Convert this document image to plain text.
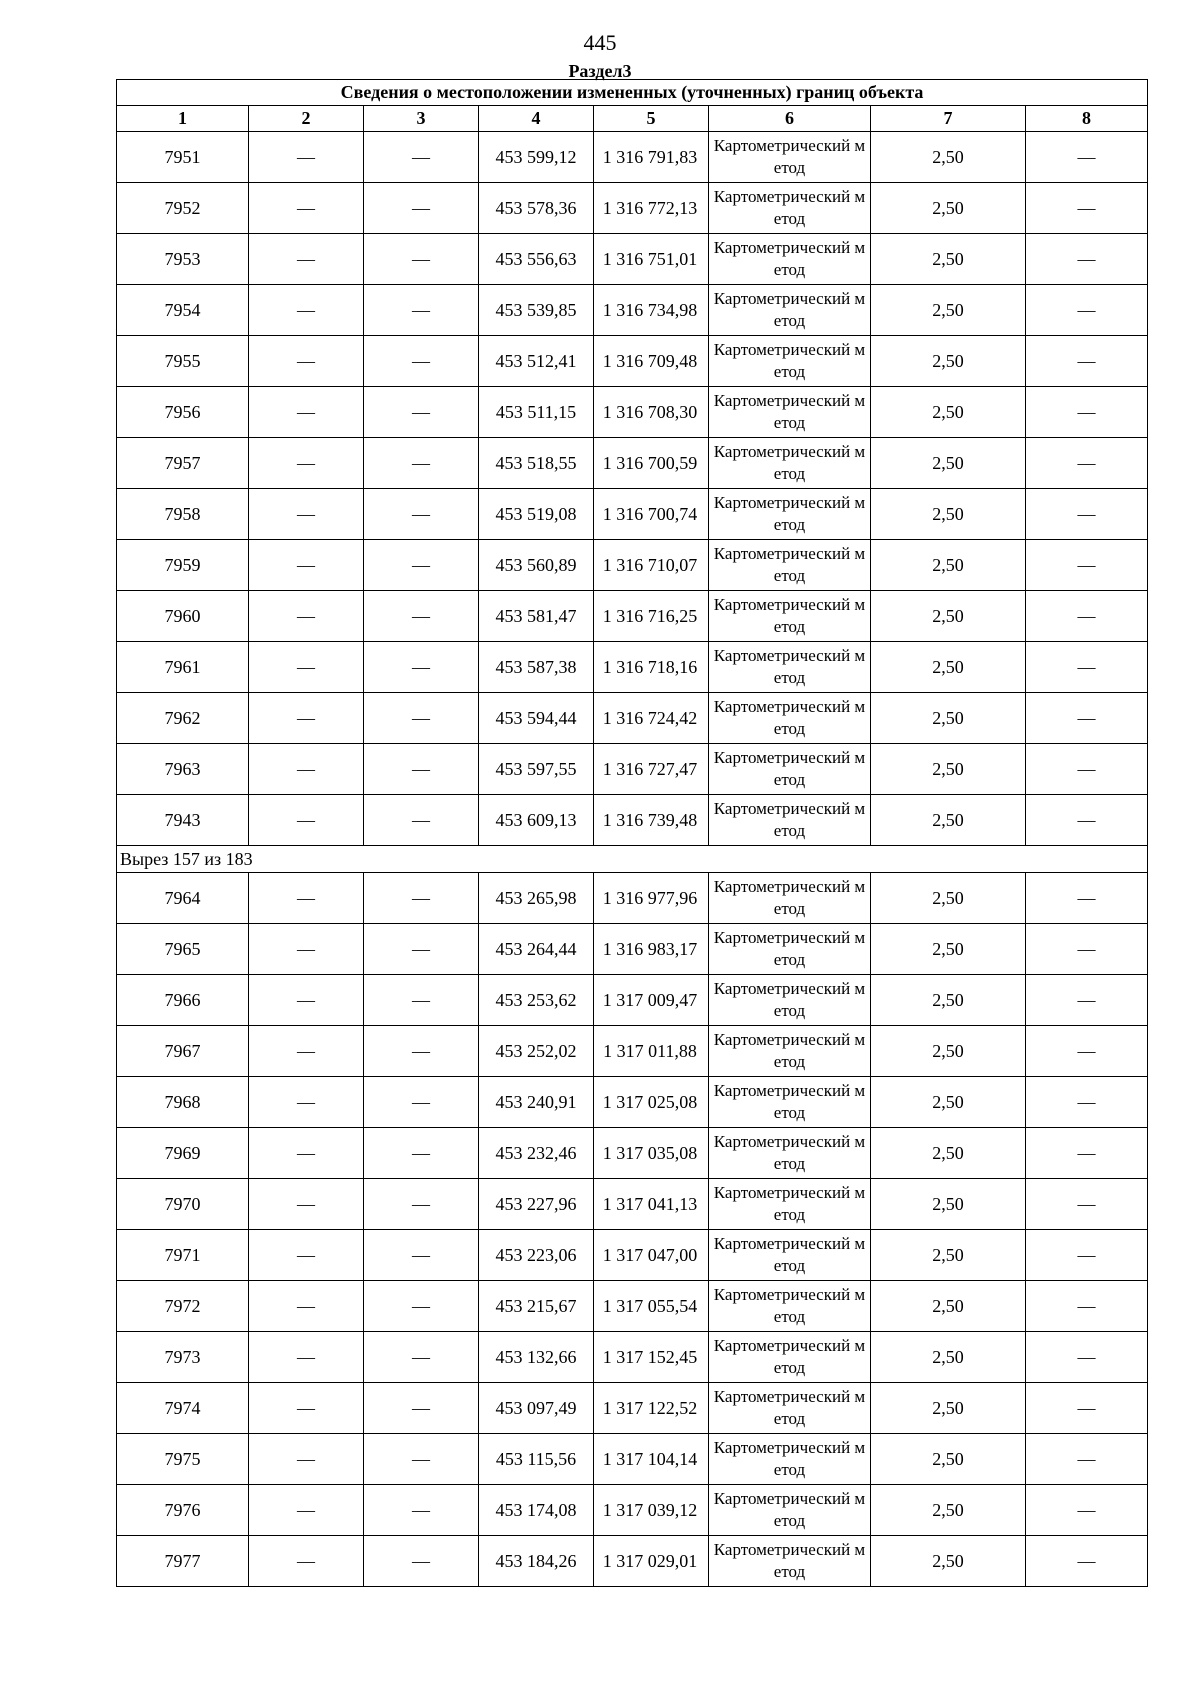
445
Раздел3
Сведения о местоположении измененных (уточненных) границ объекта							
1	2	3	4	5	6	7	8
7951	—	—	453 599,12	1 316 791,83	Картометрический метод	2,50	—
7952	—	—	453 578,36	1 316 772,13	Картометрический метод	2,50	—
7953	—	—	453 556,63	1 316 751,01	Картометрический метод	2,50	—
7954	—	—	453 539,85	1 316 734,98	Картометрический метод	2,50	—
7955	—	—	453 512,41	1 316 709,48	Картометрический метод	2,50	—
7956	—	—	453 511,15	1 316 708,30	Картометрический метод	2,50	—
7957	—	—	453 518,55	1 316 700,59	Картометрический метод	2,50	—
7958	—	—	453 519,08	1 316 700,74	Картометрический метод	2,50	—
7959	—	—	453 560,89	1 316 710,07	Картометрический метод	2,50	—
7960	—	—	453 581,47	1 316 716,25	Картометрический метод	2,50	—
7961	—	—	453 587,38	1 316 718,16	Картометрический метод	2,50	—
7962	—	—	453 594,44	1 316 724,42	Картометрический метод	2,50	—
7963	—	—	453 597,55	1 316 727,47	Картометрический метод	2,50	—
7943	—	—	453 609,13	1 316 739,48	Картометрический метод	2,50	—
Вырез 157 из 183							
7964	—	—	453 265,98	1 316 977,96	Картометрический метод	2,50	—
7965	—	—	453 264,44	1 316 983,17	Картометрический метод	2,50	—
7966	—	—	453 253,62	1 317 009,47	Картометрический метод	2,50	—
7967	—	—	453 252,02	1 317 011,88	Картометрический метод	2,50	—
7968	—	—	453 240,91	1 317 025,08	Картометрический метод	2,50	—
7969	—	—	453 232,46	1 317 035,08	Картометрический метод	2,50	—
7970	—	—	453 227,96	1 317 041,13	Картометрический метод	2,50	—
7971	—	—	453 223,06	1 317 047,00	Картометрический метод	2,50	—
7972	—	—	453 215,67	1 317 055,54	Картометрический метод	2,50	—
7973	—	—	453 132,66	1 317 152,45	Картометрический метод	2,50	—
7974	—	—	453 097,49	1 317 122,52	Картометрический метод	2,50	—
7975	—	—	453 115,56	1 317 104,14	Картометрический метод	2,50	—
7976	—	—	453 174,08	1 317 039,12	Картометрический метод	2,50	—
7977	—	—	453 184,26	1 317 029,01	Картометрический метод	2,50	—
